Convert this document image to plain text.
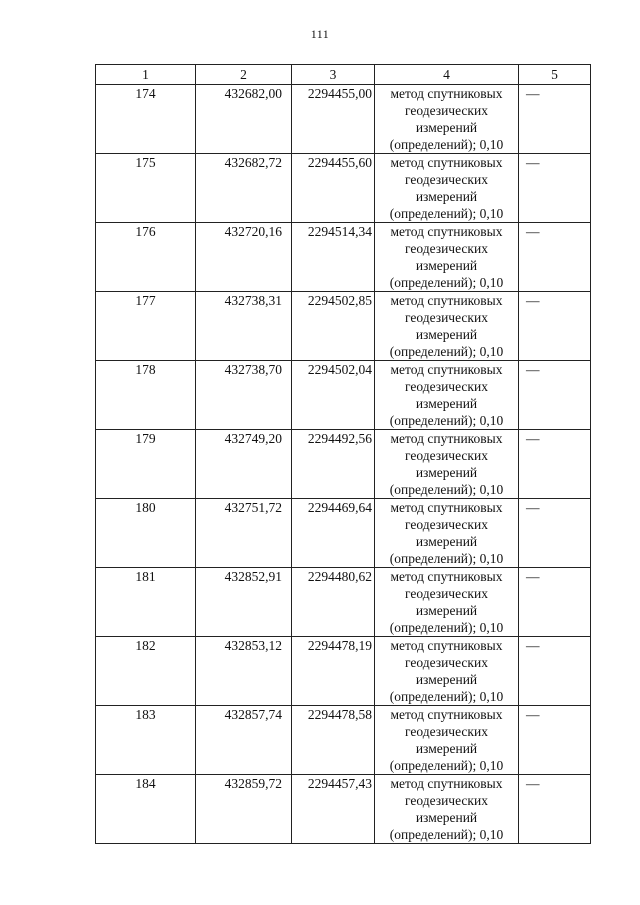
111
1	2	3	4	5
174	432682,00	2294455,00	метод спутниковых геодезических измерений (определений); 0,10	—
175	432682,72	2294455,60	метод спутниковых геодезических измерений (определений); 0,10	—
176	432720,16	2294514,34	метод спутниковых геодезических измерений (определений); 0,10	—
177	432738,31	2294502,85	метод спутниковых геодезических измерений (определений); 0,10	—
178	432738,70	2294502,04	метод спутниковых геодезических измерений (определений); 0,10	—
179	432749,20	2294492,56	метод спутниковых геодезических измерений (определений); 0,10	—
180	432751,72	2294469,64	метод спутниковых геодезических измерений (определений); 0,10	—
181	432852,91	2294480,62	метод спутниковых геодезических измерений (определений); 0,10	—
182	432853,12	2294478,19	метод спутниковых геодезических измерений (определений); 0,10	—
183	432857,74	2294478,58	метод спутниковых геодезических измерений (определений); 0,10	—
184	432859,72	2294457,43	метод спутниковых геодезических измерений (определений); 0,10	—
